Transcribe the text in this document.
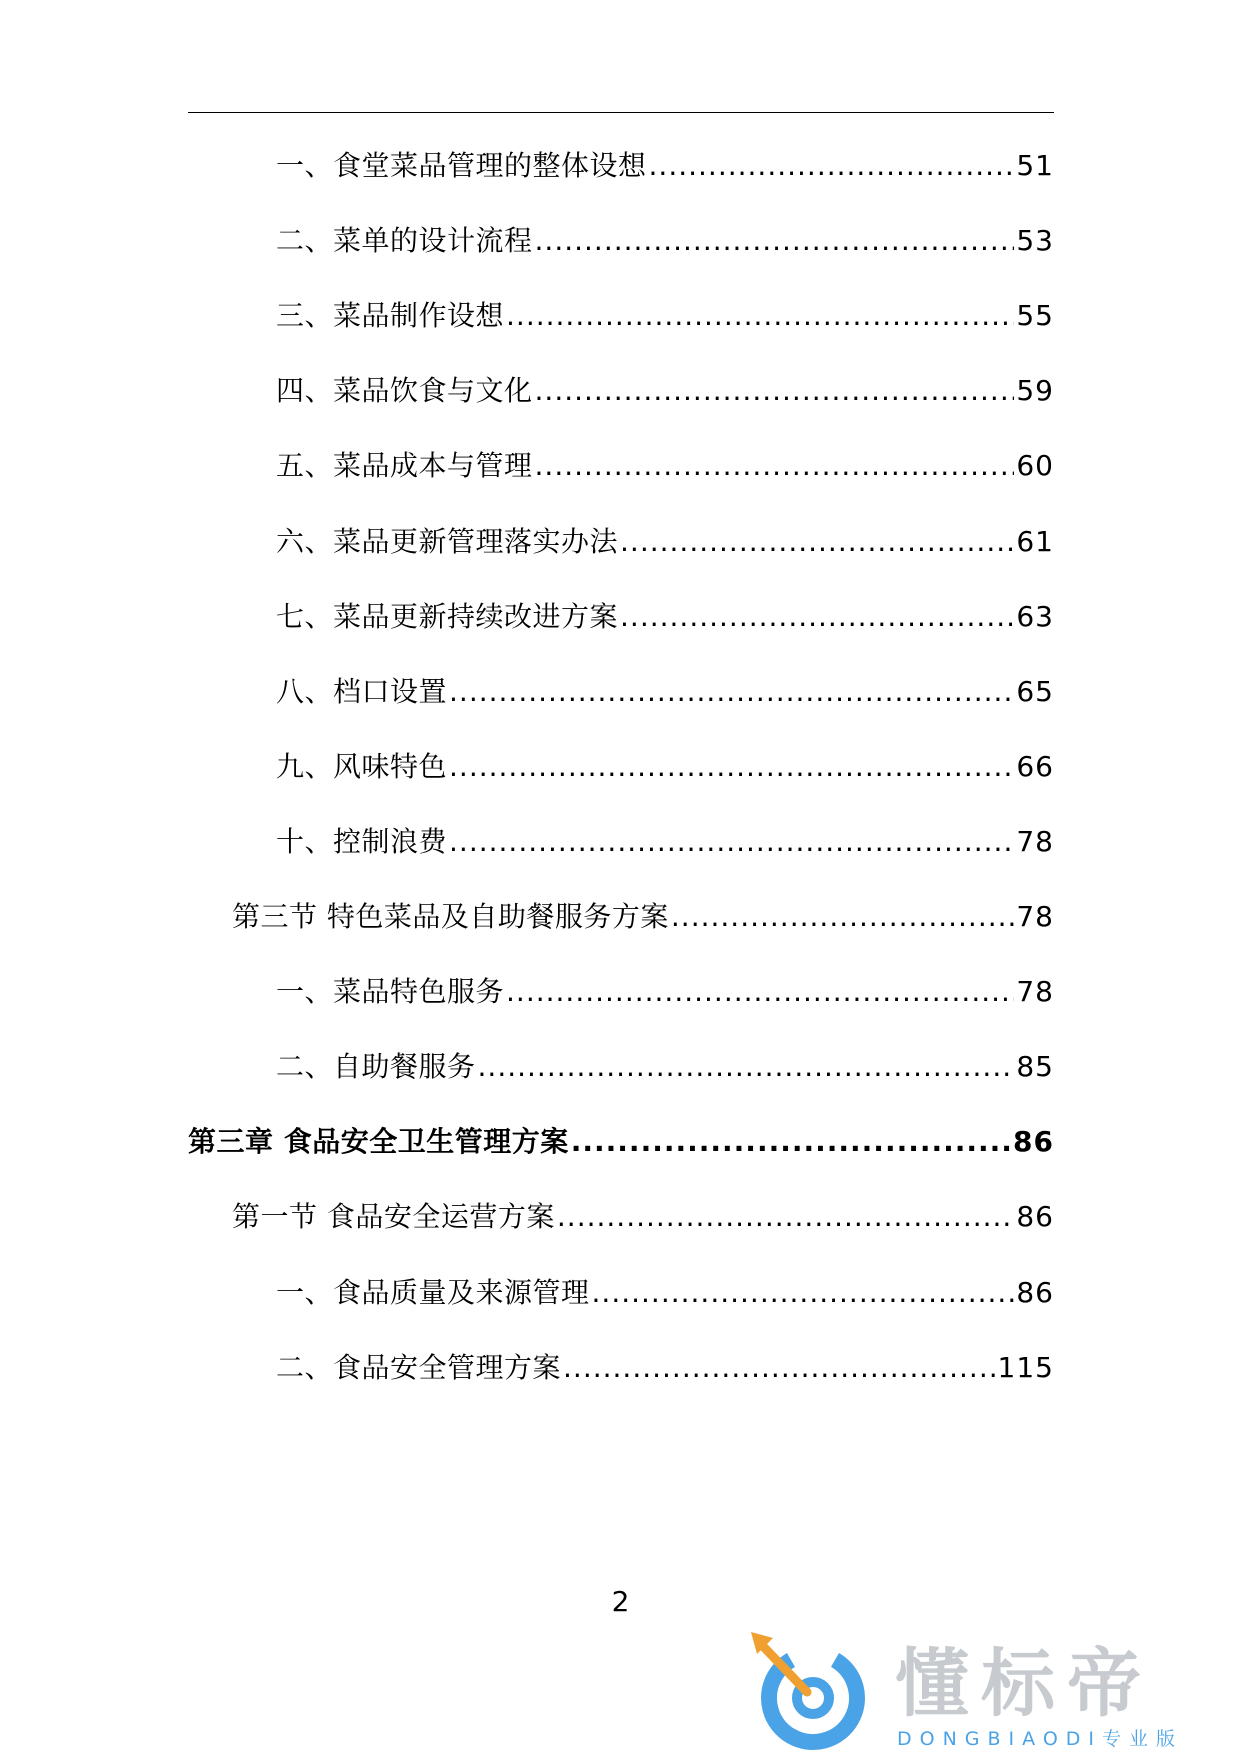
一、食堂菜品管理的整体设想 .....	51
二、菜单的设计流程 .....	53
三、菜品制作设想 .....	55
四、菜品饮食与文化 .....	59
五、菜品成本与管理 .....	60
六、菜品更新管理落实办法 .....	61
七、菜品更新持续改进方案 .....	63
八、档口设置 .....	65
九、风味特色 .....	66
十、控制浪费 .....	78
第三节 特色菜品及自助餐服务方案 .....	78
一、菜品特色服务 .....	78
二、自助餐服务 .....	85
第三章 食品安全卫生管理方案 .....	86
第一节 食品安全运营方案 .....	86
一、食品质量及来源管理 .....	86
二、食品安全管理方案 .....	115
2
懂标帝
DONGBIAODI专业版
